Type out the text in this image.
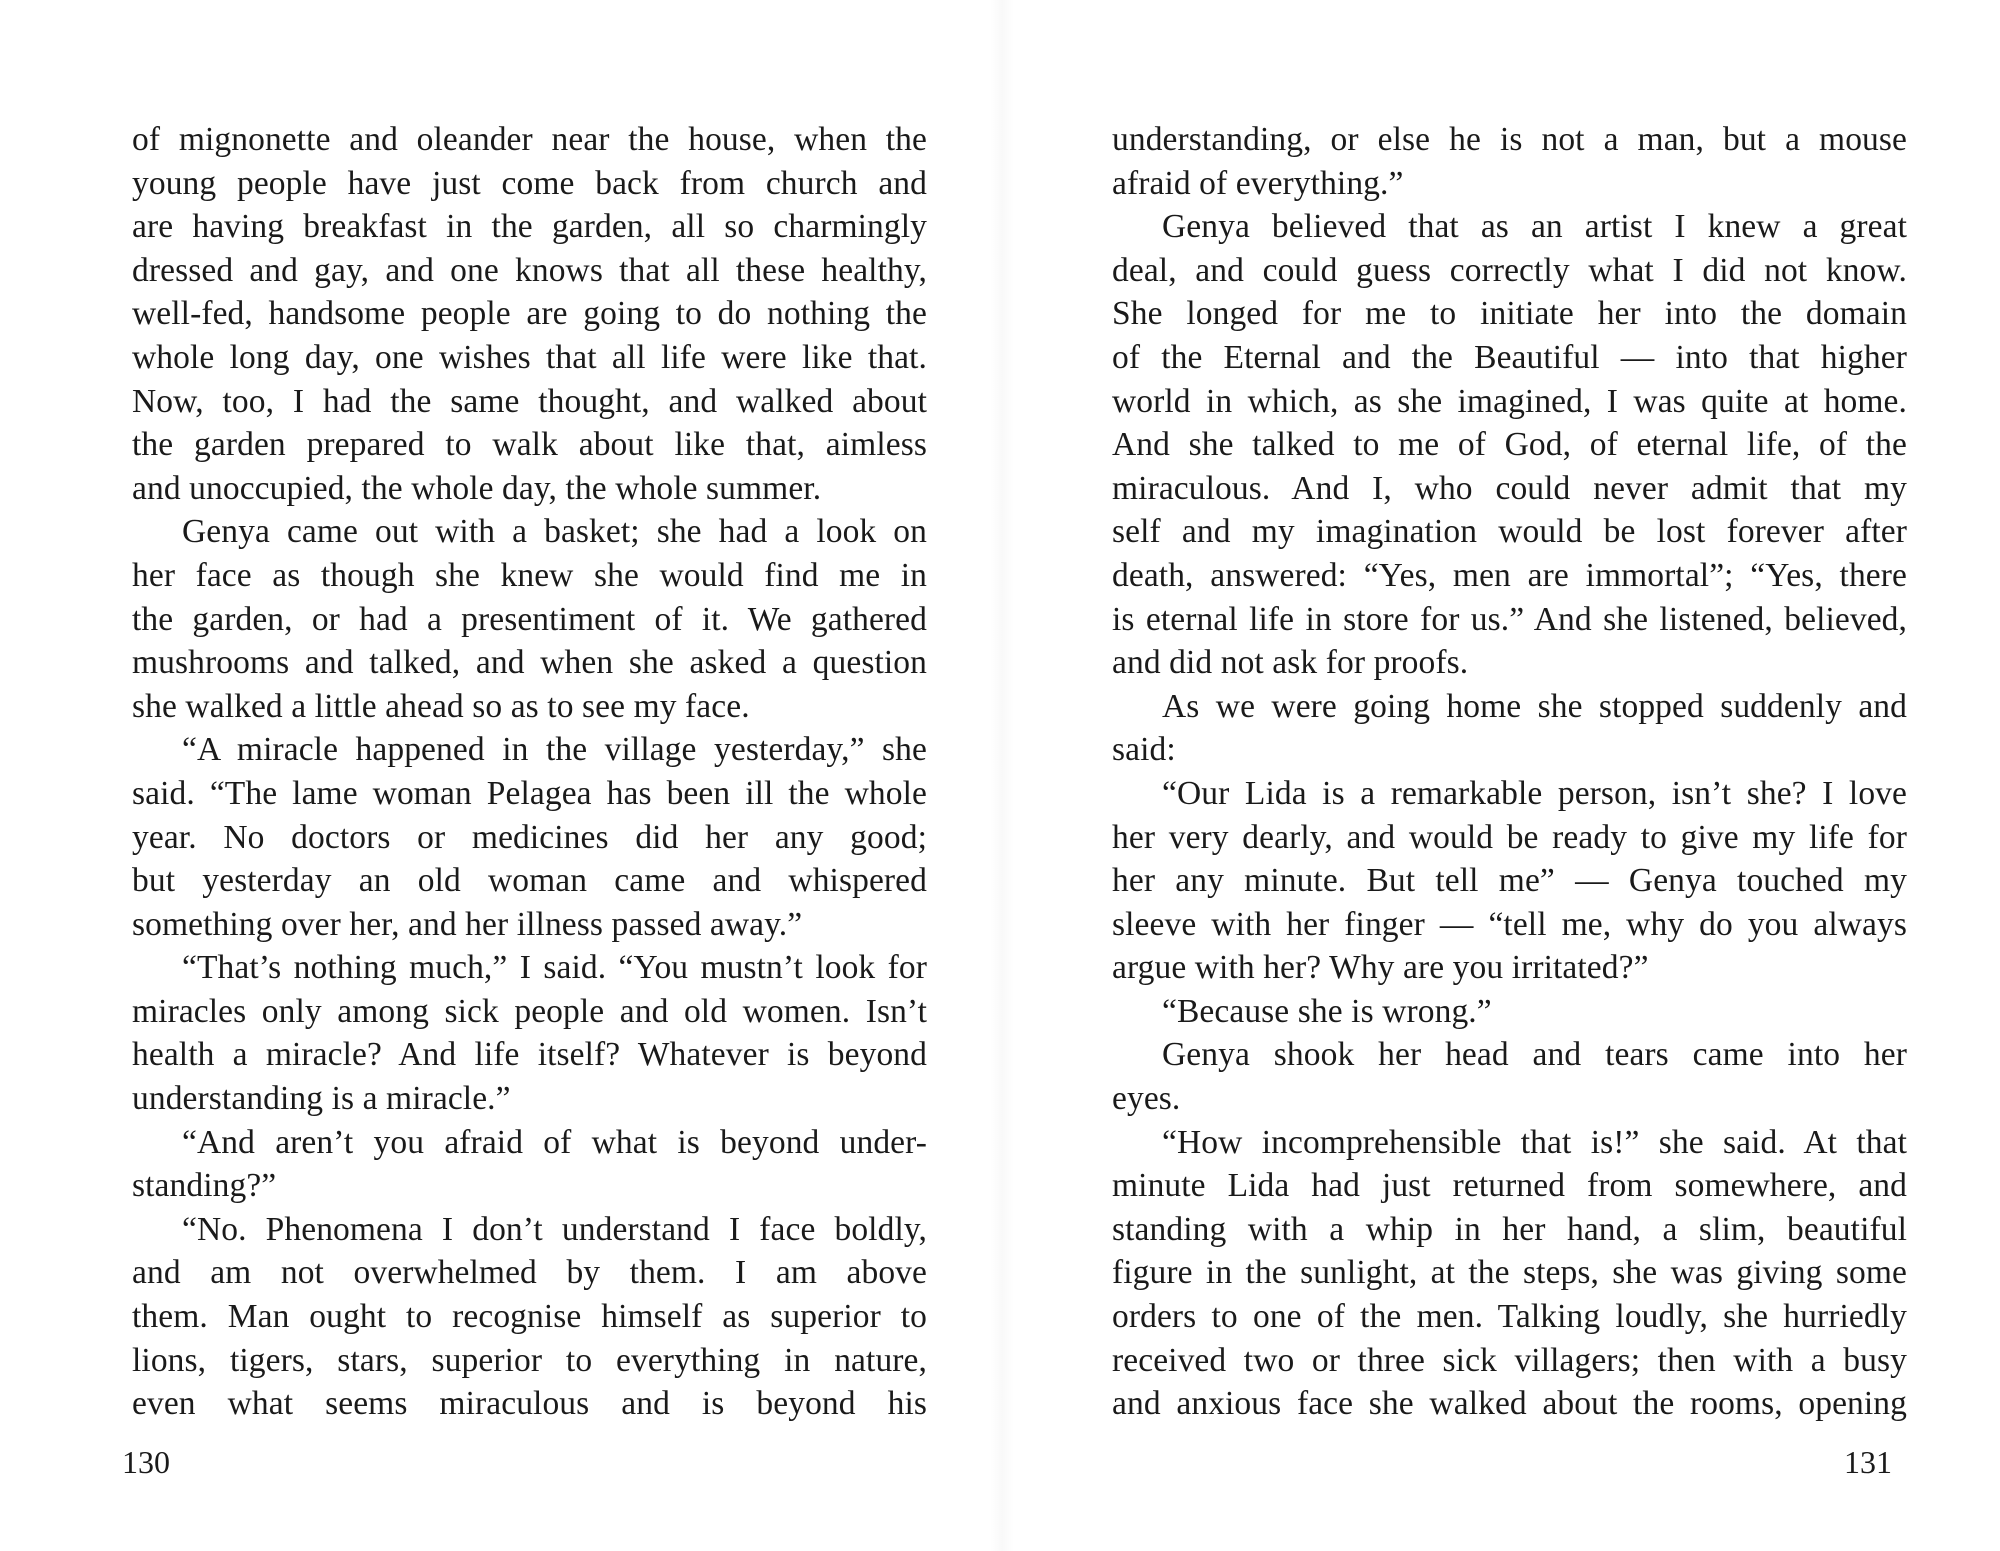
of mignonette and oleander near the house, when the
young people have just come back from church and
are having breakfast in the garden, all so charmingly
dressed and gay, and one knows that all these healthy,
well-fed, handsome people are going to do nothing the
whole long day, one wishes that all life were like that.
Now, too, I had the same thought, and walked about
the garden prepared to walk about like that, aimless
and unoccupied, the whole day, the whole summer.
Genya came out with a basket; she had a look on
her face as though she knew she would find me in
the garden, or had a presentiment of it. We gathered
mushrooms and talked, and when she asked a question
she walked a little ahead so as to see my face.
“A miracle happened in the village yesterday,” she
said. “The lame woman Pelagea has been ill the whole
year. No doctors or medicines did her any good;
but yesterday an old woman came and whispered
something over her, and her illness passed away.”
“That’s nothing much,” I said. “You mustn’t look for
miracles only among sick people and old women. Isn’t
health a miracle? And life itself? Whatever is beyond
understanding is a miracle.”
“And aren’t you afraid of what is beyond under-
standing?”
“No. Phenomena I don’t understand I face boldly,
and am not overwhelmed by them. I am above
them. Man ought to recognise himself as superior to
lions, tigers, stars, superior to everything in nature,
even what seems miraculous and is beyond his
130
understanding, or else he is not a man, but a mouse
afraid of everything.”
Genya believed that as an artist I knew a great
deal, and could guess correctly what I did not know.
She longed for me to initiate her into the domain
of the Eternal and the Beautiful — into that higher
world in which, as she imagined, I was quite at home.
And she talked to me of God, of eternal life, of the
miraculous. And I, who could never admit that my
self and my imagination would be lost forever after
death, answered: “Yes, men are immortal”; “Yes, there
is eternal life in store for us.” And she listened, believed,
and did not ask for proofs.
As we were going home she stopped suddenly and
said:
“Our Lida is a remarkable person, isn’t she? I love
her very dearly, and would be ready to give my life for
her any minute. But tell me” — Genya touched my
sleeve with her finger — “tell me, why do you always
argue with her? Why are you irritated?”
“Because she is wrong.”
Genya shook her head and tears came into her
eyes.
“How incomprehensible that is!” she said. At that
minute Lida had just returned from somewhere, and
standing with a whip in her hand, a slim, beautiful
figure in the sunlight, at the steps, she was giving some
orders to one of the men. Talking loudly, she hurriedly
received two or three sick villagers; then with a busy
and anxious face she walked about the rooms, opening
131
